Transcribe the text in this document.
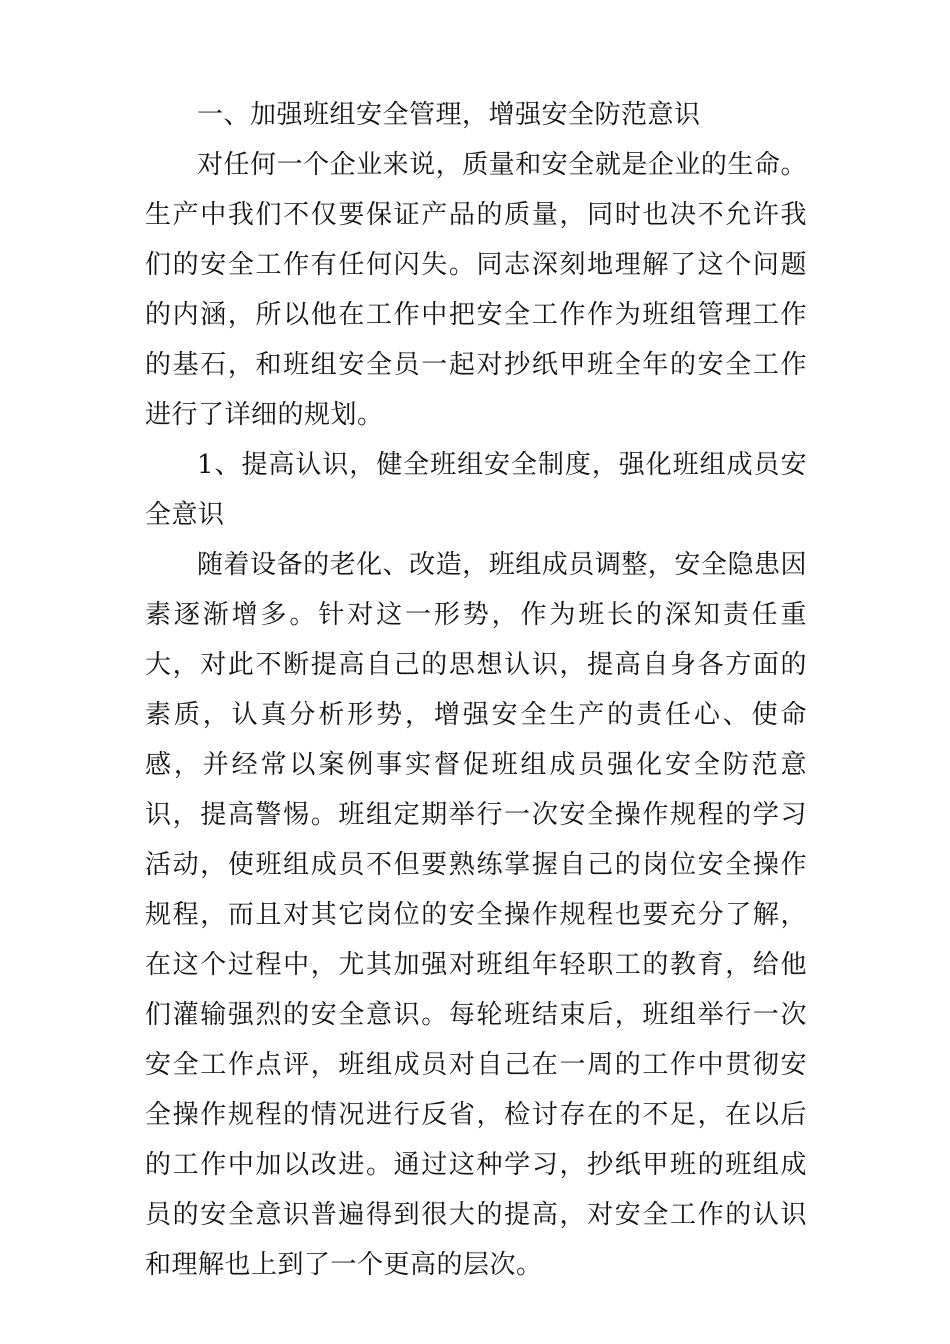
一、加强班组安全管理，增强安全防范意识

对任何一个企业来说，质量和安全就是企业的生命。生产中我们不仅要保证产品的质量，同时也决不允许我们的安全工作有任何闪失。同志深刻地理解了这个问题的内涵，所以他在工作中把安全工作作为班组管理工作的基石，和班组安全员一起对抄纸甲班全年的安全工作进行了详细的规划。

1、提高认识，健全班组安全制度，强化班组成员安全意识

随着设备的老化、改造，班组成员调整，安全隐患因素逐渐增多。针对这一形势，作为班长的深知责任重大，对此不断提高自己的思想认识，提高自身各方面的素质，认真分析形势，增强安全生产的责任心、使命感，并经常以案例事实督促班组成员强化安全防范意识，提高警惕。班组定期举行一次安全操作规程的学习活动，使班组成员不但要熟练掌握自己的岗位安全操作规程，而且对其它岗位的安全操作规程也要充分了解，在这个过程中，尤其加强对班组年轻职工的教育，给他们灌输强烈的安全意识。每轮班结束后，班组举行一次安全工作点评，班组成员对自己在一周的工作中贯彻安全操作规程的情况进行反省，检讨存在的不足，在以后的工作中加以改进。通过这种学习，抄纸甲班的班组成员的安全意识普遍得到很大的提高，对安全工作的认识和理解也上到了一个更高的层次。
